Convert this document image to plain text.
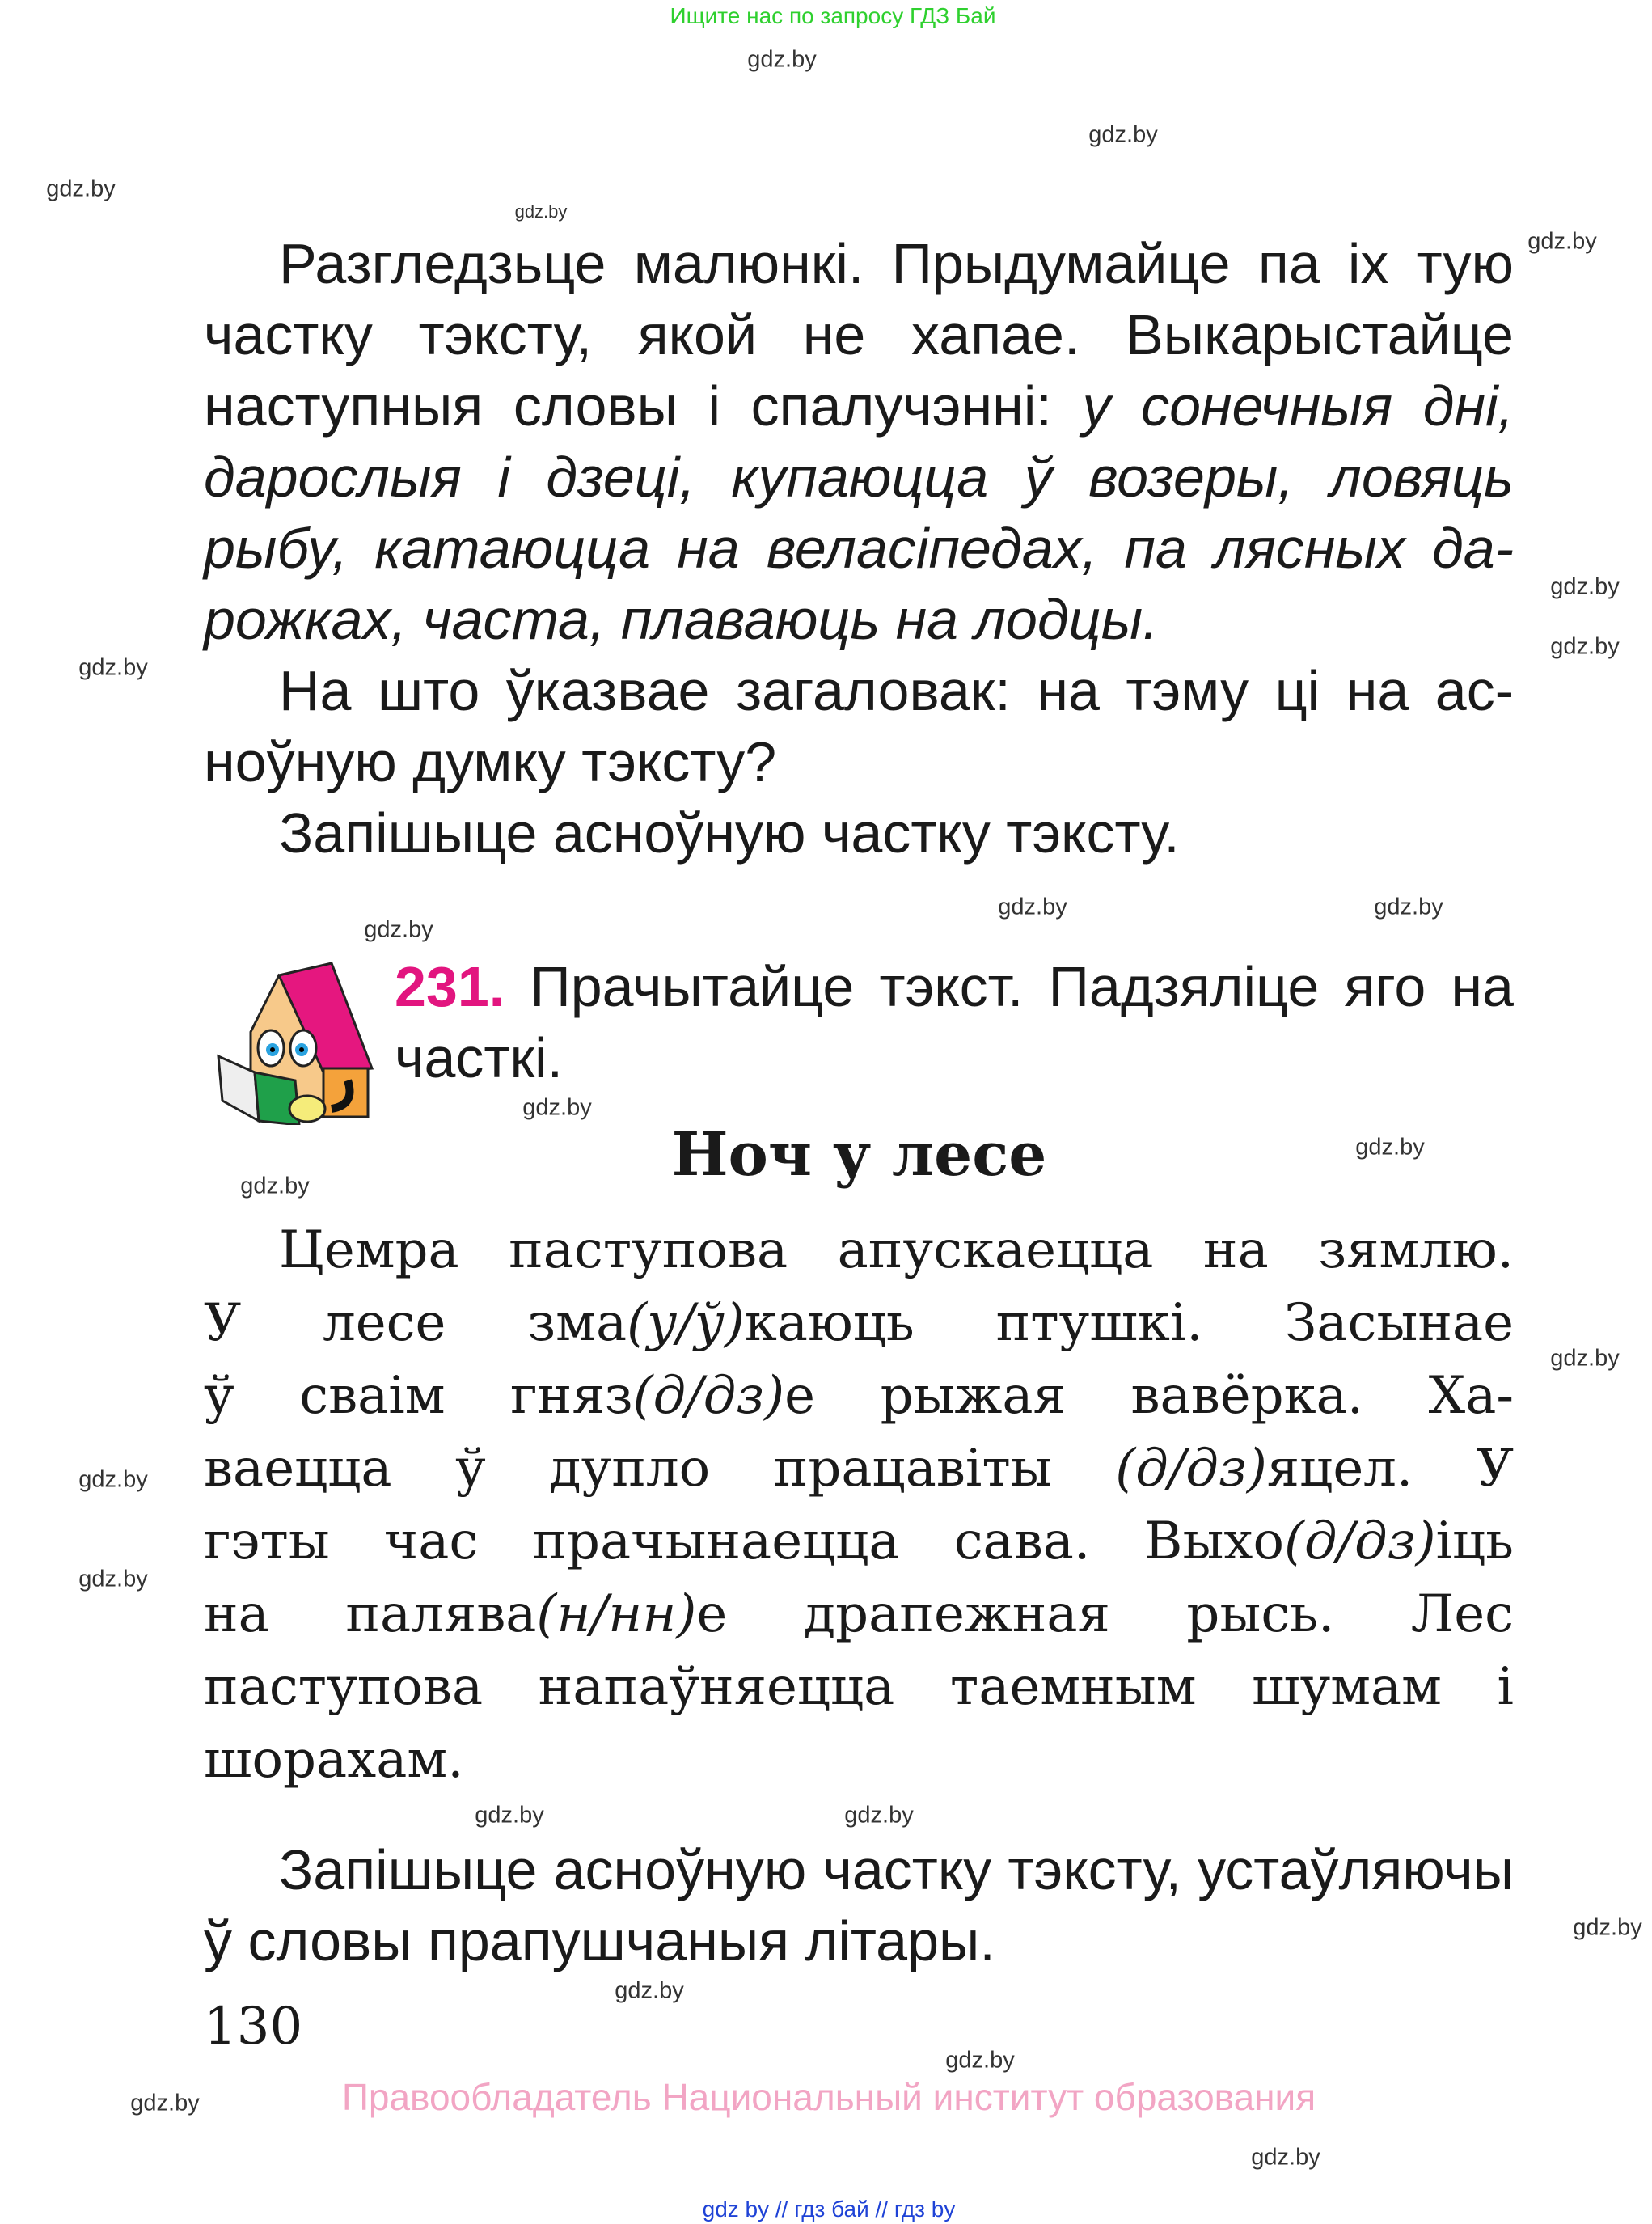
Ищите нас по запросу ГДЗ Бай
Разгледзьце малюнкі. Прыдумайце па іх тую
частку тэксту, якой не хапае. Выкарыстайце
наступныя словы і спалучэнні: у сонечныя дні,
дарослыя і дзеці, купаюцца ў возеры, ловяць
рыбу, катаюцца на веласіпедах, па лясных да-
рожках, часта, плаваюць на лодцы.
На што ўказвае загаловак: на тэму ці на ас-
ноўную думку тэксту?
Запішыце асноўную частку тэксту.
231. Прачытайце тэкст. Падзяліце яго на
часткі.
Ноч у лесе
Цемра паступова апускаецца на зямлю.
У лесе зма(у/ў)каюць птушкі. Засынае
ў сваім гняз(д/дз)е рыжая вавёрка. Ха-
ваецца ў дупло працавіты (д/дз)яцел. У
гэты час прачынаецца сава. Выхо(д/дз)іць
на палява(н/нн)е драпежная рысь. Лес
паступова напаўняецца таемным шумам і
шорахам.
Запішыце асноўную частку тэксту, устаўляючы
ў словы прапушчаныя літары.
130
Правообладатель Национальный институт образования
gdz by // гдз бай // гдз by
gdz.by
gdz.by
gdz.by
gdz.by
gdz.by
gdz.by
gdz.by
gdz.by
gdz.by	gdz.by
gdz.by
gdz.by
gdz.by
gdz.by
gdz.by
gdz.by
gdz.by
gdz.by
gdz.by
gdz.by
gdz.by
gdz.by
gdz.by
gdz.by
